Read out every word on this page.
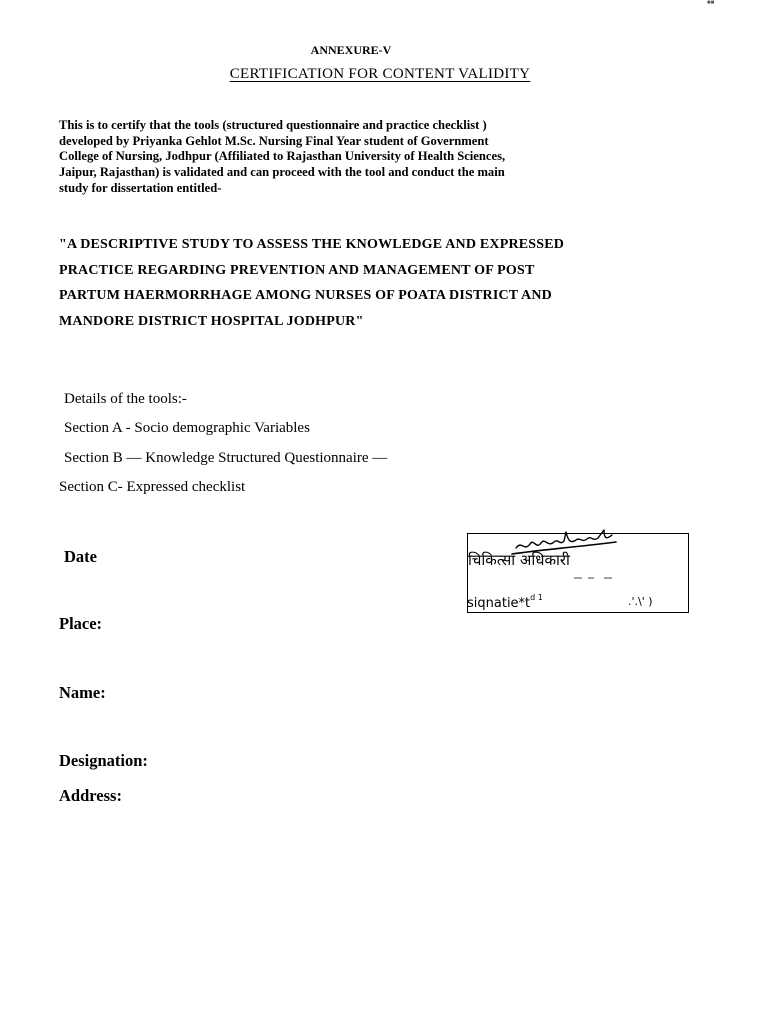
■■
ANNEXURE-V
CERTIFICATION FOR CONTENT VALIDITY
This is to certify that the tools (structured questionnaire and practice checklist )
developed by Priyanka Gehlot M.Sc. Nursing Final Year student of Government
College of Nursing, Jodhpur (Affiliated to Rajasthan University of Health Sciences,
Jaipur, Rajasthan) is validated and can proceed with the tool and conduct the main
study for dissertation entitled-
"A DESCRIPTIVE STUDY TO ASSESS THE KNOWLEDGE AND EXPRESSED
PRACTICE REGARDING PREVENTION AND MANAGEMENT OF POST
PARTUM HAERMORRHAGE AMONG NURSES OF POATA DISTRICT AND
MANDORE DISTRICT HOSPITAL JODHPUR"
Details of the tools:-
Section A - Socio demographic Variables
Section B — Knowledge Structured Questionnaire —
Section C- Expressed checklist
Date
Place:
Name:
Designation:
Address:
चिकित्सा अधिकारी
$siqnatie*t^{d 1}$	.'.\' )
